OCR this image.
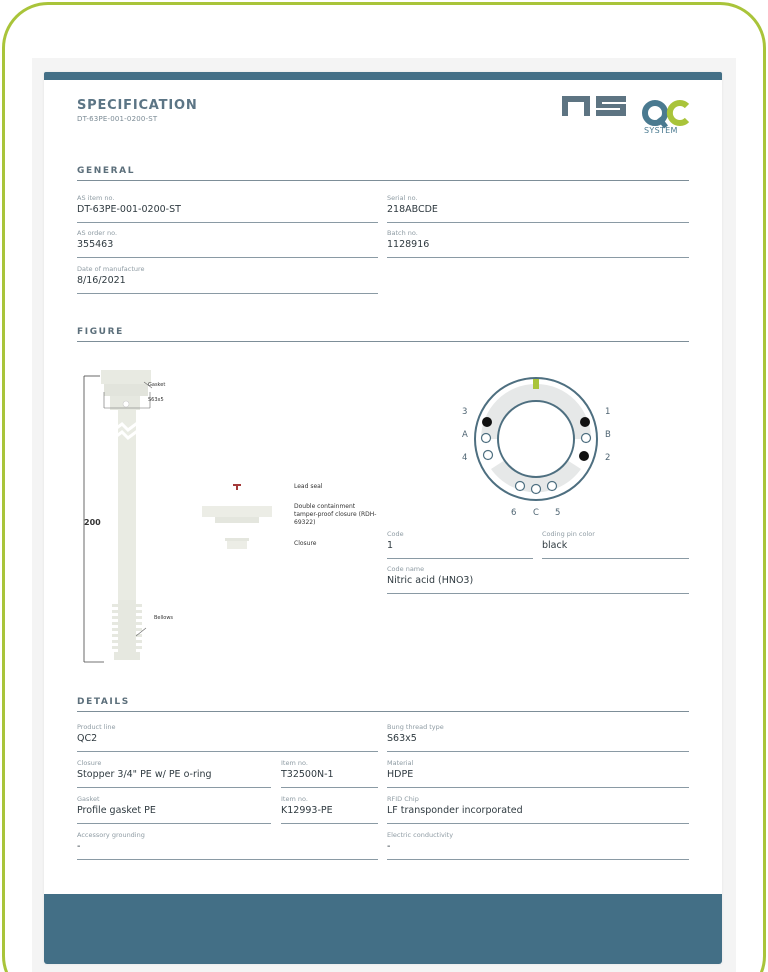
SPECIFICATION
DT-63PE-001-0200-ST
SYSTEM
GENERAL
AS item no.
DT-63PE-001-0200-ST
Serial no.
218ABCDE
AS order no.
355463
Batch no.
1128916
Date of manufacture
8/16/2021
FIGURE
Gasket
S63x5
200
Bellows
Lead seal
Double containment tamper-proof closure (RDH-69322)
Closure
3
A
4
1
B
2
6 C 5
Code
1
Coding pin color
black
Code name
Nitric acid (HNO3)
DETAILS
Product line
QC2
Bung thread type
S63x5
Closure
Stopper 3/4" PE w/ PE o-ring
Item no.
T32500N-1
Material
HDPE
Gasket
Profile gasket PE
Item no.
K12993-PE
RFID Chip
LF transponder incorporated
Accessory grounding
-
Electric conductivity
-
